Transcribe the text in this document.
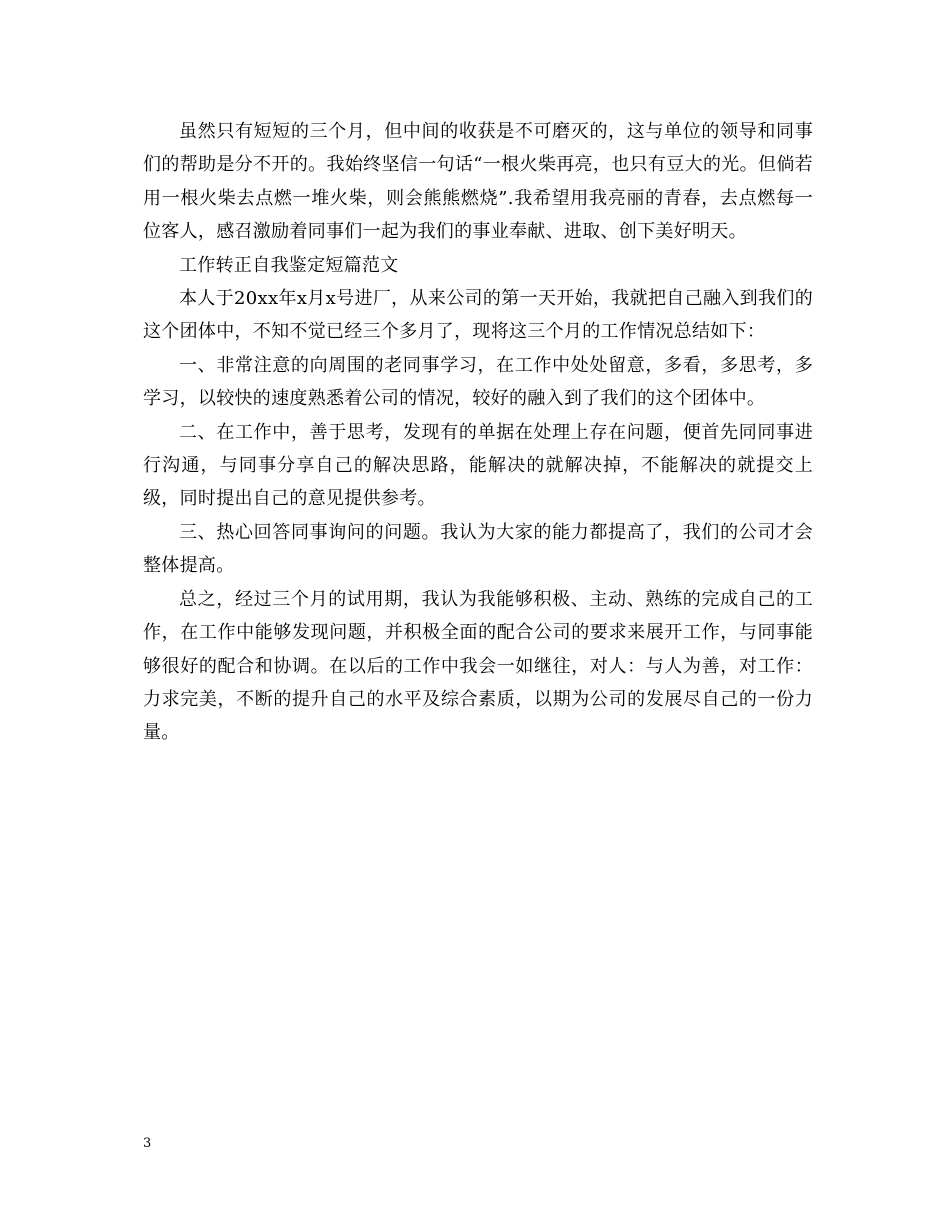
虽然只有短短的三个月，但中间的收获是不可磨灭的，这与单位的领导和同事们的帮助是分不开的。我始终坚信一句话“一根火柴再亮，也只有豆大的光。但倘若用一根火柴去点燃一堆火柴，则会熊熊燃烧”.我希望用我亮丽的青春，去点燃每一位客人，感召激励着同事们一起为我们的事业奉献、进取、创下美好明天。

工作转正自我鉴定短篇范文

本人于20xx年x月x号进厂，从来公司的第一天开始，我就把自己融入到我们的这个团体中，不知不觉已经三个多月了，现将这三个月的工作情况总结如下：

一、非常注意的向周围的老同事学习，在工作中处处留意，多看，多思考，多学习，以较快的速度熟悉着公司的情况，较好的融入到了我们的这个团体中。

二、在工作中，善于思考，发现有的单据在处理上存在问题，便首先同同事进行沟通，与同事分享自己的解决思路，能解决的就解决掉，不能解决的就提交上级，同时提出自己的意见提供参考。

三、热心回答同事询问的问题。我认为大家的能力都提高了，我们的公司才会整体提高。

总之，经过三个月的试用期，我认为我能够积极、主动、熟练的完成自己的工作，在工作中能够发现问题，并积极全面的配合公司的要求来展开工作，与同事能够很好的配合和协调。在以后的工作中我会一如继往，对人：与人为善，对工作：力求完美，不断的提升自己的水平及综合素质，以期为公司的发展尽自己的一份力量。

3
